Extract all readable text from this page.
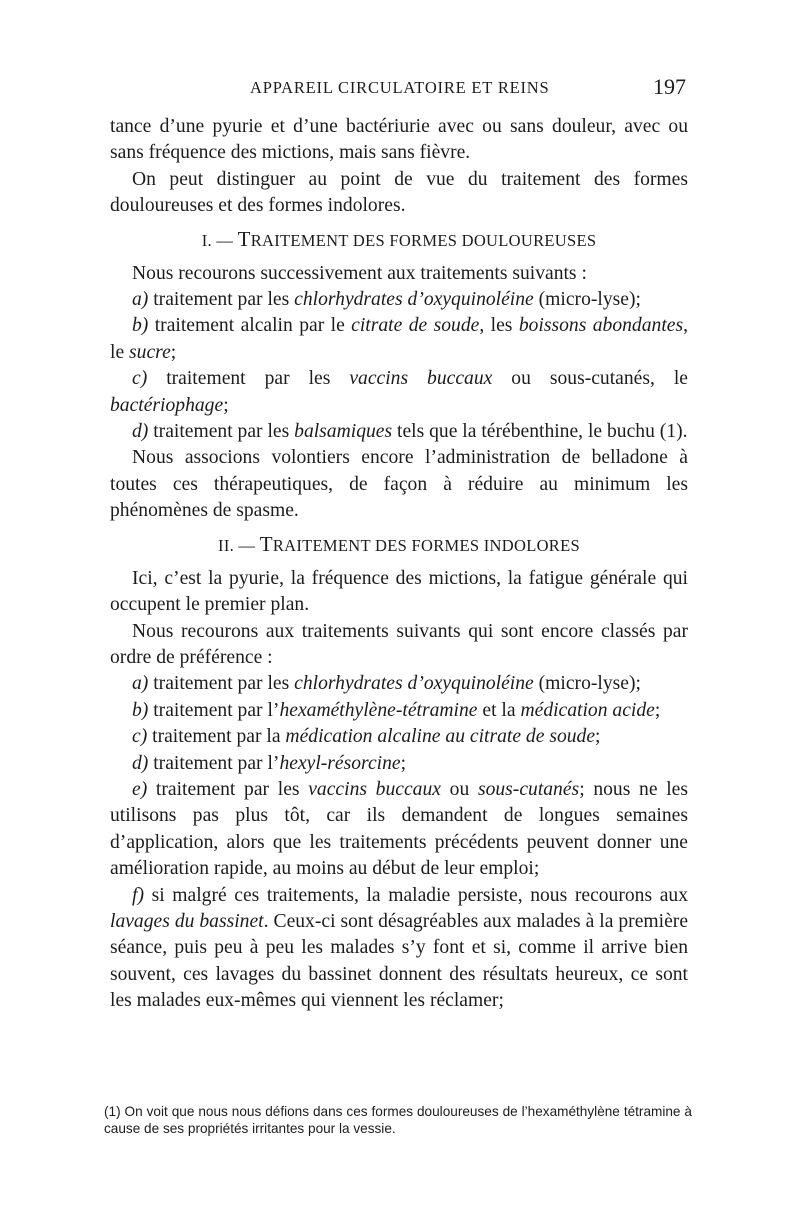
APPAREIL CIRCULATOIRE ET REINS	197

tance d’une pyurie et d’une bactériurie avec ou sans douleur, avec ou sans fréquence des mictions, mais sans fièvre.

On peut distinguer au point de vue du traitement des formes douloureuses et des formes indolores.

I. — TRAITEMENT DES FORMES DOULOUREUSES

Nous recourons successivement aux traitements suivants :

a) traitement par les chlorhydrates d’oxyquinoléine (micro-lyse);

b) traitement alcalin par le citrate de soude, les boissons abondantes, le sucre;

c) traitement par les vaccins buccaux ou sous-cutanés, le bactériophage;

d) traitement par les balsamiques tels que la térébenthine, le buchu (1).

Nous associons volontiers encore l’administration de belladone à toutes ces thérapeutiques, de façon à réduire au minimum les phénomènes de spasme.

II. — TRAITEMENT DES FORMES INDOLORES

Ici, c’est la pyurie, la fréquence des mictions, la fatigue générale qui occupent le premier plan.

Nous recourons aux traitements suivants qui sont encore classés par ordre de préférence :

a) traitement par les chlorhydrates d’oxyquinoléine (micro-lyse);

b) traitement par l’hexaméthylène-tétramine et la médication acide;

c) traitement par la médication alcaline au citrate de soude;

d) traitement par l’hexyl-résorcine;

e) traitement par les vaccins buccaux ou sous-cutanés; nous ne les utilisons pas plus tôt, car ils demandent de longues semaines d’application, alors que les traitements précédents peuvent donner une amélioration rapide, au moins au début de leur emploi;

f) si malgré ces traitements, la maladie persiste, nous recourons aux lavages du bassinet. Ceux-ci sont désagréables aux malades à la première séance, puis peu à peu les malades s’y font et si, comme il arrive bien souvent, ces lavages du bassinet donnent des résultats heureux, ce sont les malades eux-mêmes qui viennent les réclamer;

(1) On voit que nous nous défions dans ces formes douloureuses de l’hexaméthylène tétramine à cause de ses propriétés irritantes pour la vessie.
